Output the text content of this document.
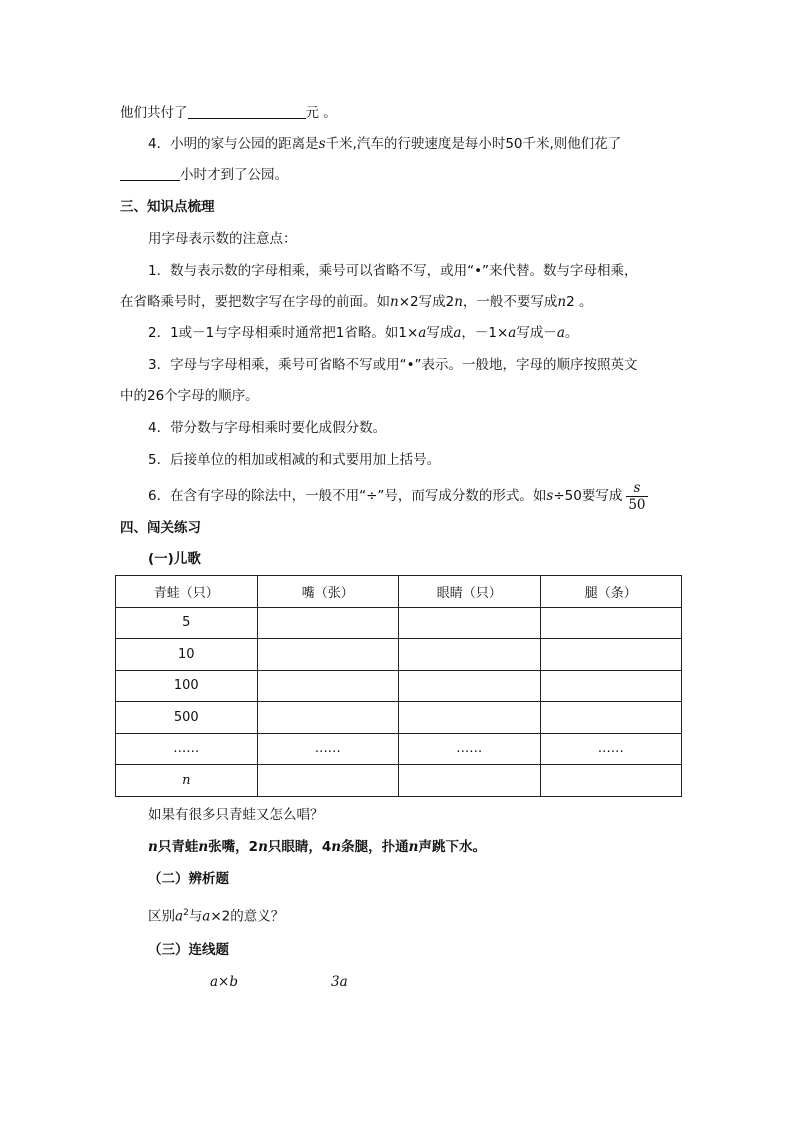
他们共付了	元 。
4．小明的家与公园的距离是s千米,汽车的行驶速度是每小时50千米,则他们花了
小时才到了公园。
三、知识点梳理
用字母表示数的注意点：
1．数与表示数的字母相乘，乘号可以省略不写，或用“•”来代替。数与字母相乘，
在省略乘号时，要把数字写在字母的前面。如n×2写成2n，一般不要写成n2 。
2．1或－1与字母相乘时通常把1省略。如1×a写成a，－1×a写成－a。
3．字母与字母相乘，乘号可省略不写或用“•”表示。一般地，字母的顺序按照英文
中的26个字母的顺序。
4．带分数与字母相乘时要化成假分数。
5．后接单位的相加或相减的和式要用加上括号。
6．在含有字母的除法中，一般不用“÷”号，而写成分数的形式。如s÷50要写成 $\frac{s}{50}$
四、闯关练习
(一)儿歌
青蛙（只）	嘴（张）	眼睛（只）	腿（条）
5			
10			
100			
500			
……	……	……	……
n			
如果有很多只青蛙又怎么唱？
n只青蛙n张嘴，2n只眼睛，4n条腿，扑通n声跳下水。
（二）辨析题
区别$a^2$与a×2的意义？
（三）连线题
a×b	3a
